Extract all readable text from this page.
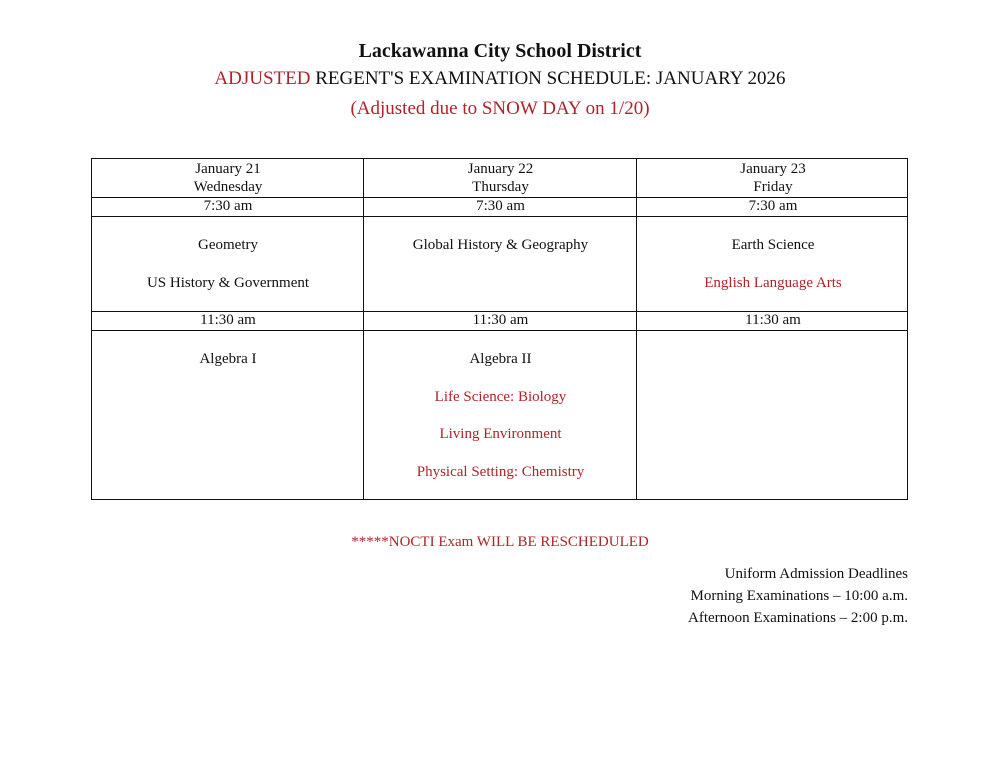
Lackawanna City School District
ADJUSTED REGENT'S EXAMINATION SCHEDULE: JANUARY 2026
(Adjusted due to SNOW DAY on 1/20)
January 21
Wednesday
7:30 am
Geometry
US History & Government
11:30 am
Algebra I
January 22
Thursday
7:30 am
Global History & Geography
11:30 am
Algebra II
Life Science: Biology
Living Environment
Physical Setting: Chemistry
January 23
Friday
7:30 am
Earth Science
English Language Arts
11:30 am
*****NOCTI Exam WILL BE RESCHEDULED
Uniform Admission Deadlines
Morning Examinations – 10:00 a.m.
Afternoon Examinations – 2:00 p.m.
